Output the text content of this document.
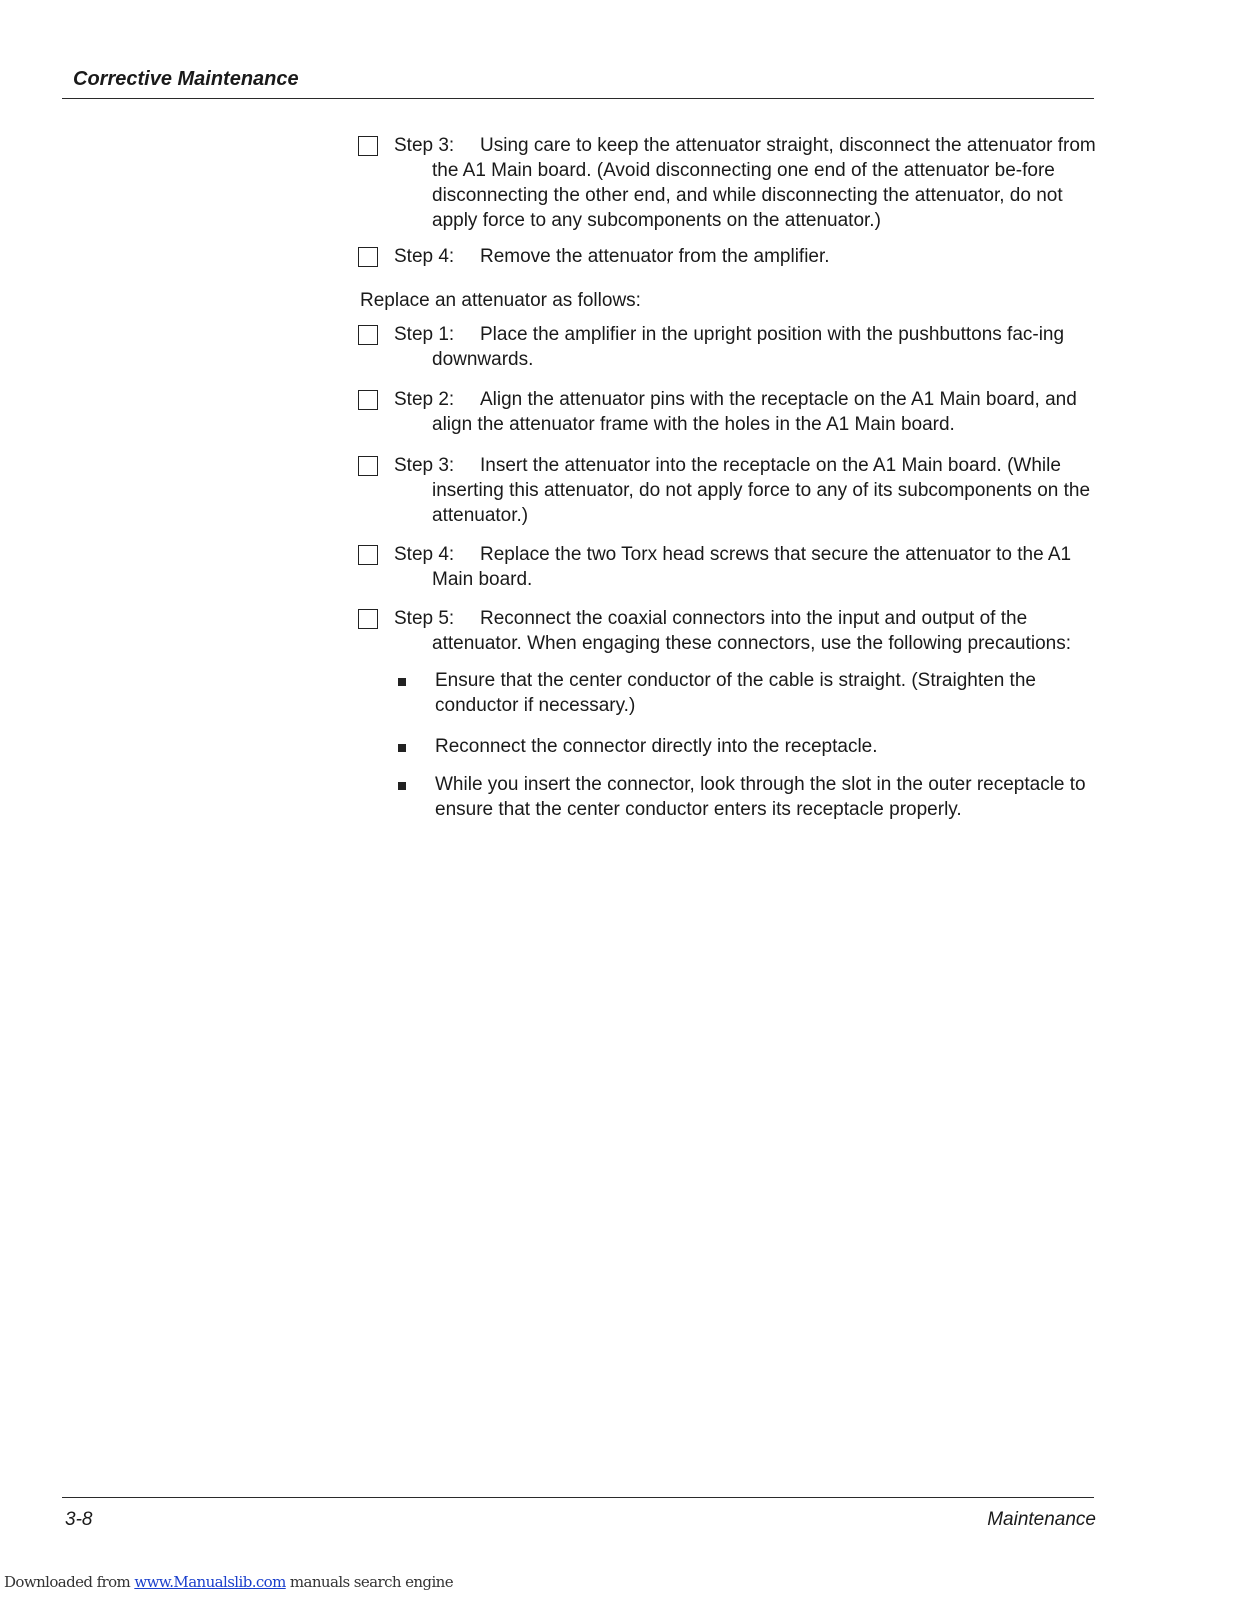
Corrective Maintenance
Step 3: Using care to keep the attenuator straight, disconnect the attenuator from the A1 Main board. (Avoid disconnecting one end of the attenuator be-fore disconnecting the other end, and while disconnecting the attenuator, do not apply force to any subcomponents on the attenuator.)
Step 4: Remove the attenuator from the amplifier.
Replace an attenuator as follows:
Step 1: Place the amplifier in the upright position with the pushbuttons fac-ing downwards.
Step 2: Align the attenuator pins with the receptacle on the A1 Main board, and align the attenuator frame with the holes in the A1 Main board.
Step 3: Insert the attenuator into the receptacle on the A1 Main board. (While inserting this attenuator, do not apply force to any of its subcomponents on the attenuator.)
Step 4: Replace the two Torx head screws that secure the attenuator to the A1 Main board.
Step 5: Reconnect the coaxial connectors into the input and output of the attenuator. When engaging these connectors, use the following precautions:
Ensure that the center conductor of the cable is straight. (Straighten the conductor if necessary.)
Reconnect the connector directly into the receptacle.
While you insert the connector, look through the slot in the outer receptacle to ensure that the center conductor enters its receptacle properly.
3-8	Maintenance
Downloaded from www.Manualslib.com manuals search engine
